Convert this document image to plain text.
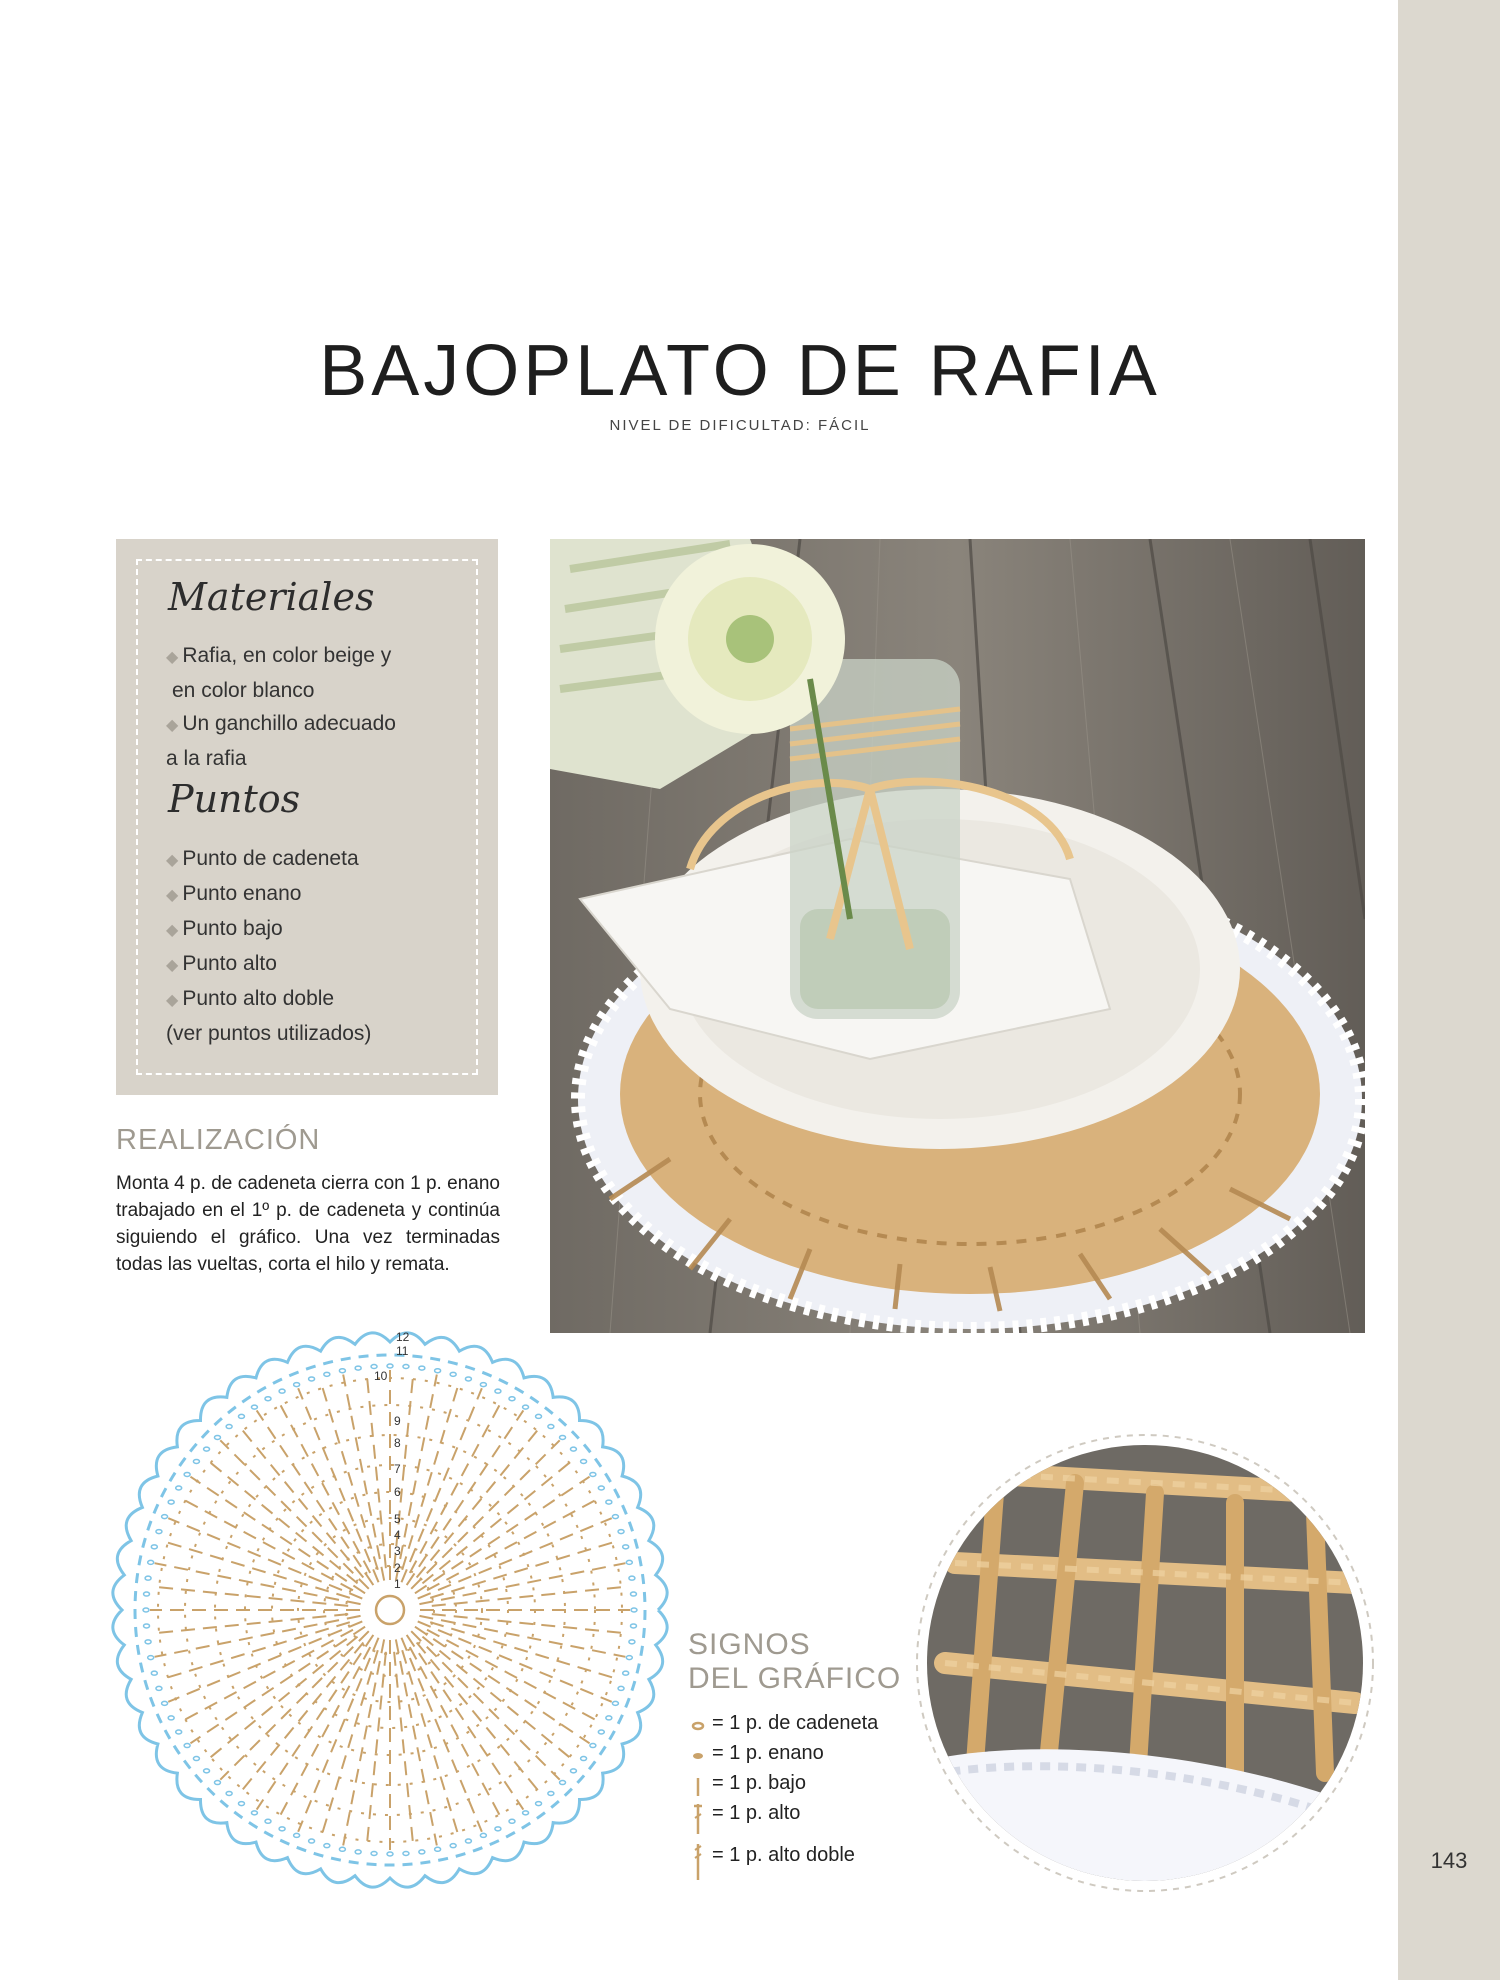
143
BAJOPLATO DE RAFIA
NIVEL DE DIFICULTAD: FÁCIL
Materiales
◆ Rafia, en color beige y
en color blanco
◆ Un ganchillo adecuado
a la rafia
Puntos
◆ Punto de cadeneta
◆ Punto enano
◆ Punto bajo
◆ Punto alto
◆ Punto alto doble
(ver puntos utilizados)
REALIZACIÓN
Monta 4 p. de cadeneta cierra con 1 p. enano trabajado en el 1º p. de cadeneta y continúa siguiendo el gráfico. Una vez terminadas todas las vueltas, corta el hilo y remata.
12
11
10
9
8
7
6
5
4
3
2
1
SIGNOS
DEL GRÁFICO
= 1 p. de cadeneta
= 1 p. enano
= 1 p. bajo
= 1 p. alto
= 1 p. alto doble
